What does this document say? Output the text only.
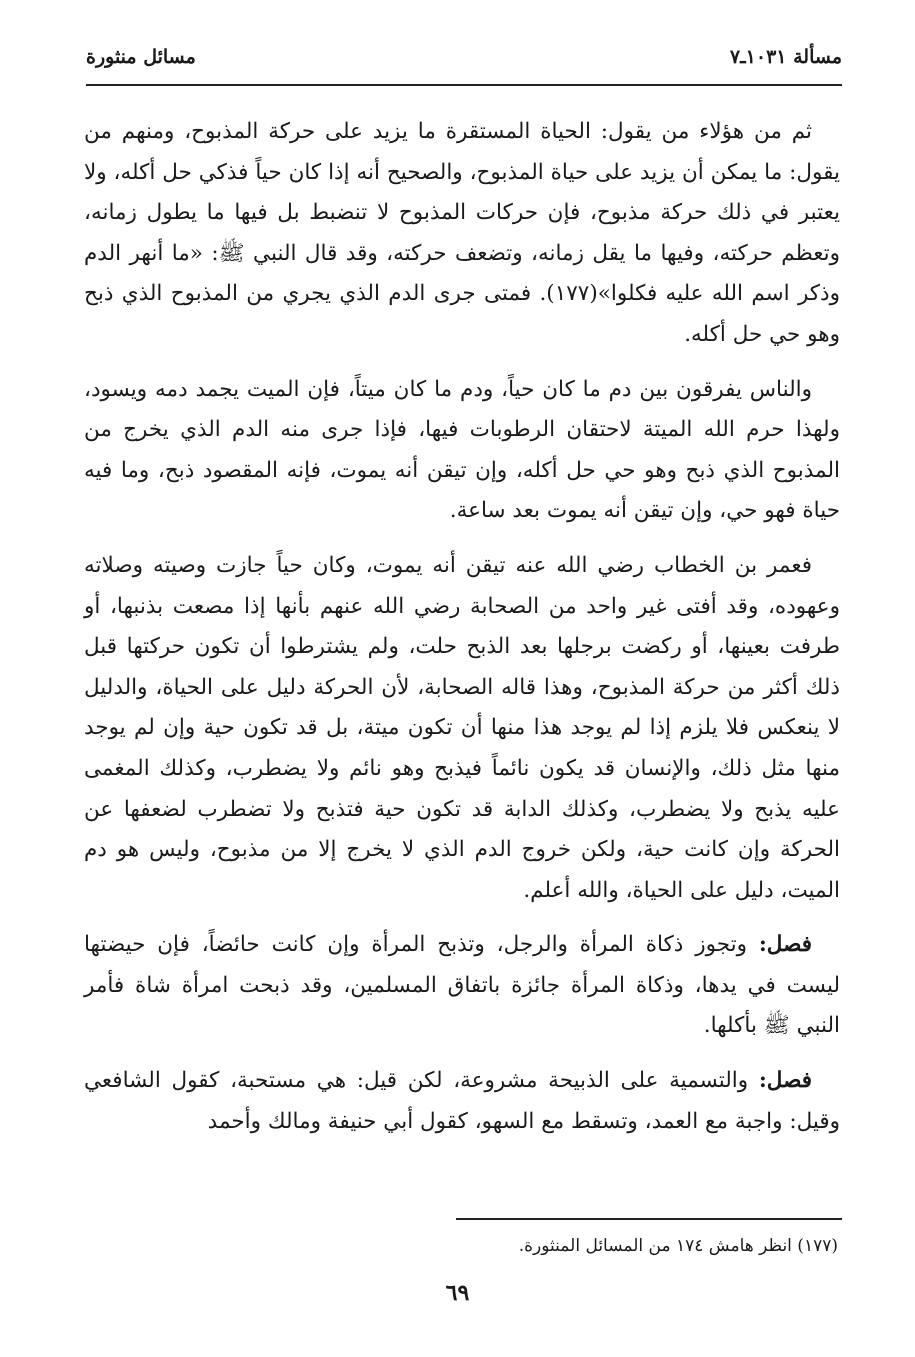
مسألة ١٠٣١ـ٧
مسائل منثورة

ثم من هؤلاء من يقول: الحياة المستقرة ما يزيد على حركة المذبوح، ومنهم من يقول: ما يمكن أن يزيد على حياة المذبوح، والصحيح أنه إذا كان حياً فذكي حل أكله، ولا يعتبر في ذلك حركة مذبوح، فإن حركات المذبوح لا تنضبط بل فيها ما يطول زمانه، وتعظم حركته، وفيها ما يقل زمانه، وتضعف حركته، وقد قال النبي ﷺ: «ما أنهر الدم وذكر اسم الله عليه فكلوا»(١٧٧). فمتى جرى الدم الذي يجري من المذبوح الذي ذبح وهو حي حل أكله.

والناس يفرقون بين دم ما كان حياً، ودم ما كان ميتاً، فإن الميت يجمد دمه ويسود، ولهذا حرم الله الميتة لاحتقان الرطوبات فيها، فإذا جرى منه الدم الذي يخرج من المذبوح الذي ذبح وهو حي حل أكله، وإن تيقن أنه يموت، فإنه المقصود ذبح، وما فيه حياة فهو حي، وإن تيقن أنه يموت بعد ساعة.

فعمر بن الخطاب رضي الله عنه تيقن أنه يموت، وكان حياً جازت وصيته وصلاته وعهوده، وقد أفتى غير واحد من الصحابة رضي الله عنهم بأنها إذا مصعت بذنبها، أو طرفت بعينها، أو ركضت برجلها بعد الذبح حلت، ولم يشترطوا أن تكون حركتها قبل ذلك أكثر من حركة المذبوح، وهذا قاله الصحابة، لأن الحركة دليل على الحياة، والدليل لا ينعكس فلا يلزم إذا لم يوجد هذا منها أن تكون ميتة، بل قد تكون حية وإن لم يوجد منها مثل ذلك، والإنسان قد يكون نائماً فيذبح وهو نائم ولا يضطرب، وكذلك المغمى عليه يذبح ولا يضطرب، وكذلك الدابة قد تكون حية فتذبح ولا تضطرب لضعفها عن الحركة وإن كانت حية، ولكن خروج الدم الذي لا يخرج إلا من مذبوح، وليس هو دم الميت، دليل على الحياة، والله أعلم.

فصل: وتجوز ذكاة المرأة والرجل، وتذبح المرأة وإن كانت حائضاً، فإن حيضتها ليست في يدها، وذكاة المرأة جائزة باتفاق المسلمين، وقد ذبحت امرأة شاة فأمر النبي ﷺ بأكلها.

فصل: والتسمية على الذبيحة مشروعة، لكن قيل: هي مستحبة، كقول الشافعي وقيل: واجبة مع العمد، وتسقط مع السهو، كقول أبي حنيفة ومالك وأحمد

(١٧٧) انظر هامش ١٧٤ من المسائل المنثورة.
٦٩
